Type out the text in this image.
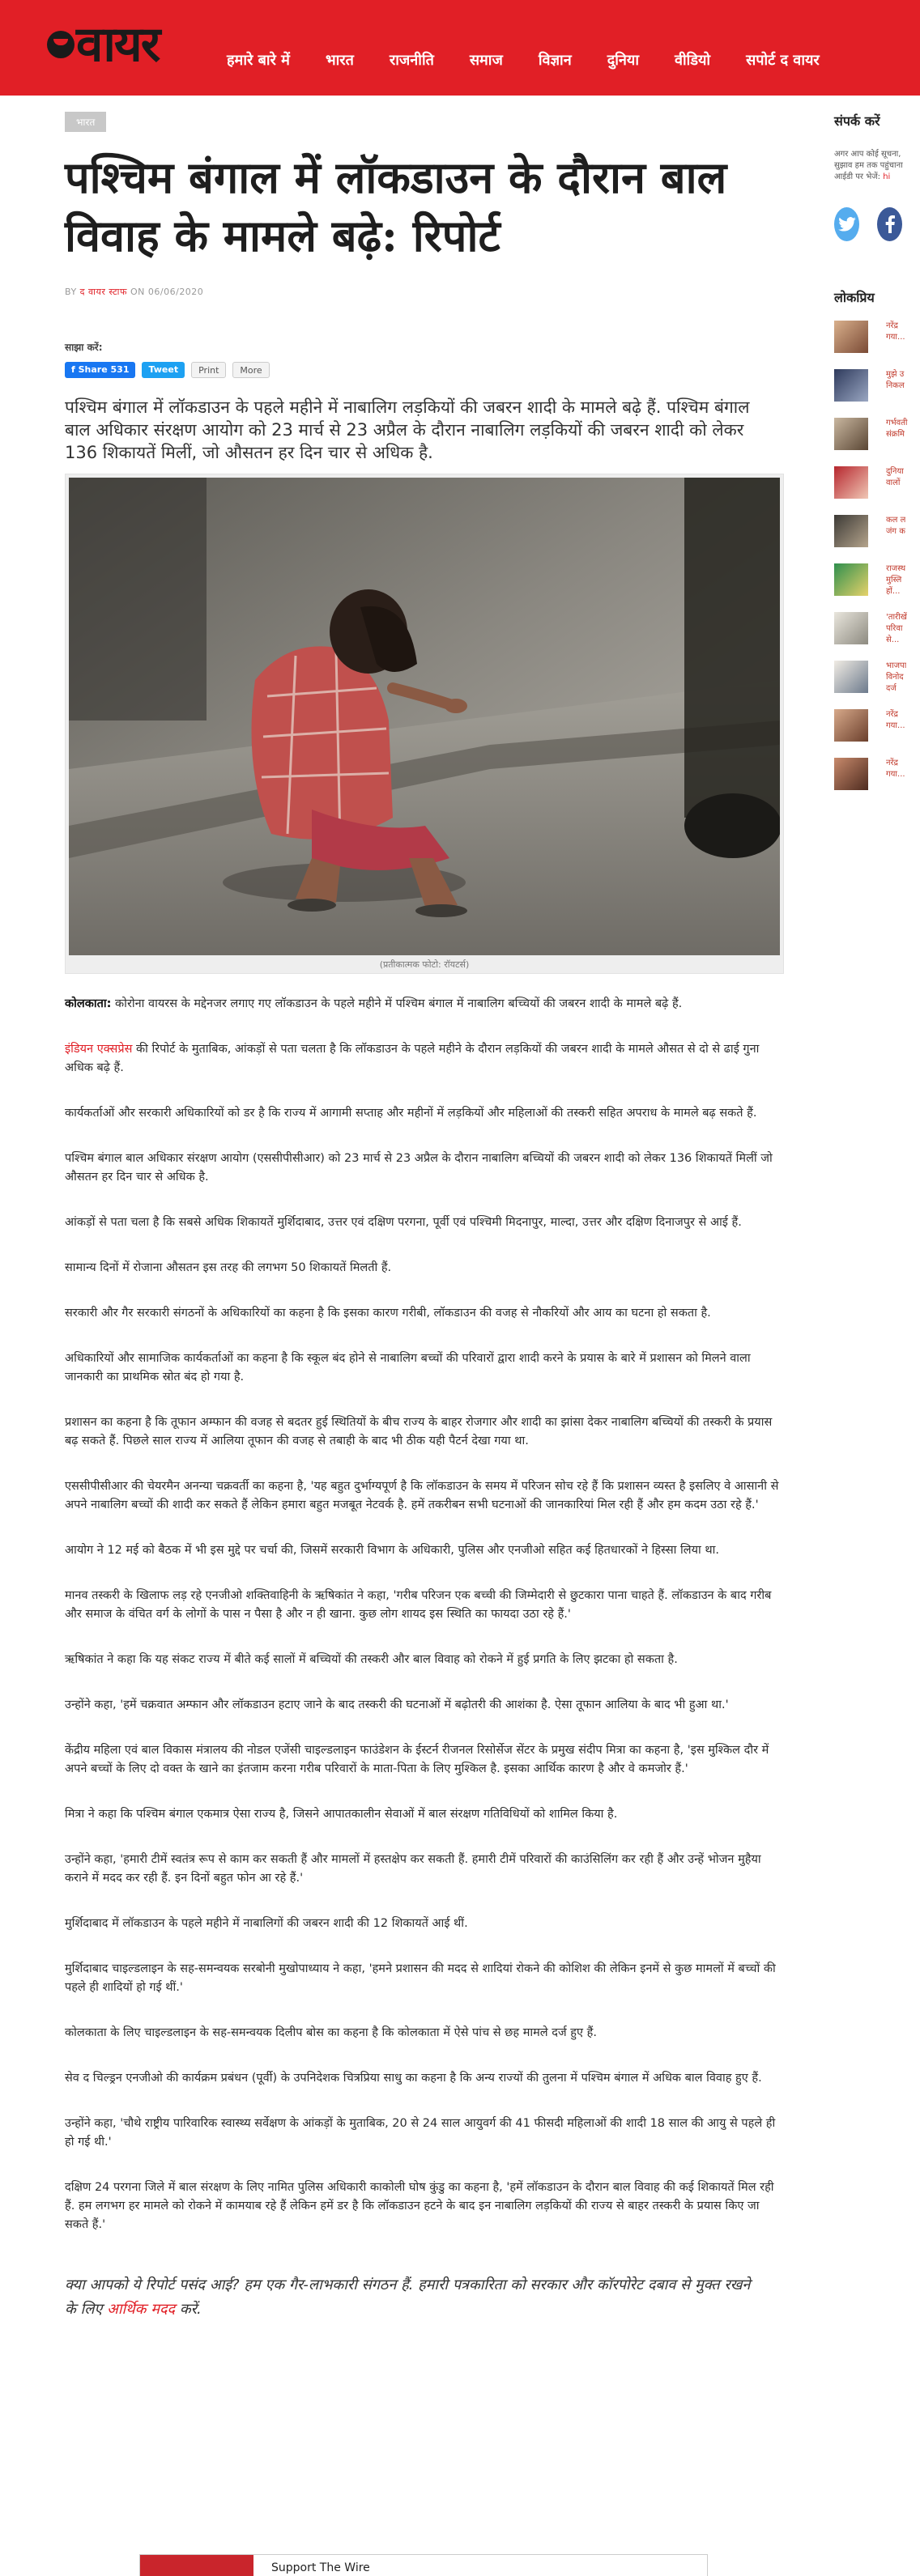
वायर	हमारे बारे में भारत राजनीति समाज विज्ञान दुनिया वीडियो सपोर्ट द वायर
भारत
पश्चिम बंगाल में लॉकडाउन के दौरान बाल विवाह के मामले बढ़े: रिपोर्ट
BY द वायर स्टाफ ON 06/06/2020
साझा करें:
f Share 531	Tweet	Print	More

पश्चिम बंगाल में लॉकडाउन के पहले महीने में नाबालिग लड़कियों की जबरन शादी के मामले बढ़े हैं. पश्चिम बंगाल बाल अधिकार संरक्षण आयोग को 23 मार्च से 23 अप्रैल के दौरान नाबालिग लड़कियों की जबरन शादी को लेकर 136 शिकायतें मिलीं, जो औसतन हर दिन चार से अधिक है.

(प्रतीकात्मक फोटो: रॉयटर्स)

कोलकाता: कोरोना वायरस के मद्देनजर लगाए गए लॉकडाउन के पहले महीने में पश्चिम बंगाल में नाबालिग बच्चियों की जबरन शादी के मामले बढ़े हैं.

इंडियन एक्सप्रेस की रिपोर्ट के मुताबिक, आंकड़ों से पता चलता है कि लॉकडाउन के पहले महीने के दौरान लड़कियों की जबरन शादी के मामले औसत से दो से ढाई गुना अधिक बढ़े हैं.

कार्यकर्ताओं और सरकारी अधिकारियों को डर है कि राज्य में आगामी सप्ताह और महीनों में लड़कियों और महिलाओं की तस्करी सहित अपराध के मामले बढ़ सकते हैं.

पश्चिम बंगाल बाल अधिकार संरक्षण आयोग (एससीपीसीआर) को 23 मार्च से 23 अप्रैल के दौरान नाबालिग बच्चियों की जबरन शादी को लेकर 136 शिकायतें मिलीं जो औसतन हर दिन चार से अधिक है.

आंकड़ों से पता चला है कि सबसे अधिक शिकायतें मुर्शिदाबाद, उत्तर एवं दक्षिण परगना, पूर्वी एवं पश्चिमी मिदनापुर, माल्दा, उत्तर और दक्षिण दिनाजपुर से आई हैं.

सामान्य दिनों में रोजाना औसतन इस तरह की लगभग 50 शिकायतें मिलती हैं.

सरकारी और गैर सरकारी संगठनों के अधिकारियों का कहना है कि इसका कारण गरीबी, लॉकडाउन की वजह से नौकरियों और आय का घटना हो सकता है.

अधिकारियों और सामाजिक कार्यकर्ताओं का कहना है कि स्कूल बंद होने से नाबालिग बच्चों की परिवारों द्वारा शादी करने के प्रयास के बारे में प्रशासन को मिलने वाला जानकारी का प्राथमिक स्रोत बंद हो गया है.

प्रशासन का कहना है कि तूफान अम्फान की वजह से बदतर हुई स्थितियों के बीच राज्य के बाहर रोजगार और शादी का झांसा देकर नाबालिग बच्चियों की तस्करी के प्रयास बढ़ सकते हैं. पिछले साल राज्य में आलिया तूफान की वजह से तबाही के बाद भी ठीक यही पैटर्न देखा गया था.

एससीपीसीआर की चेयरमैन अनन्या चक्रवर्ती का कहना है, 'यह बहुत दुर्भाग्यपूर्ण है कि लॉकडाउन के समय में परिजन सोच रहे हैं कि प्रशासन व्यस्त है इसलिए वे आसानी से अपने नाबालिग बच्चों की शादी कर सकते हैं लेकिन हमारा बहुत मजबूत नेटवर्क है. हमें तकरीबन सभी घटनाओं की जानकारियां मिल रही हैं और हम कदम उठा रहे हैं.'

आयोग ने 12 मई को बैठक में भी इस मुद्दे पर चर्चा की, जिसमें सरकारी विभाग के अधिकारी, पुलिस और एनजीओ सहित कई हितधारकों ने हिस्सा लिया था.

मानव तस्करी के खिलाफ लड़ रहे एनजीओ शक्तिवाहिनी के ऋषिकांत ने कहा, 'गरीब परिजन एक बच्ची की जिम्मेदारी से छुटकारा पाना चाहते हैं. लॉकडाउन के बाद गरीब और समाज के वंचित वर्ग के लोगों के पास न पैसा है और न ही खाना. कुछ लोग शायद इस स्थिति का फायदा उठा रहे हैं.'

ऋषिकांत ने कहा कि यह संकट राज्य में बीते कई सालों में बच्चियों की तस्करी और बाल विवाह को रोकने में हुई प्रगति के लिए झटका हो सकता है.

उन्होंने कहा, 'हमें चक्रवात अम्फान और लॉकडाउन हटाए जाने के बाद तस्करी की घटनाओं में बढ़ोतरी की आशंका है. ऐसा तूफान आलिया के बाद भी हुआ था.'

केंद्रीय महिला एवं बाल विकास मंत्रालय की नोडल एजेंसी चाइल्डलाइन फाउंडेशन के ईस्टर्न रीजनल रिसोर्सेज सेंटर के प्रमुख संदीप मित्रा का कहना है, 'इस मुश्किल दौर में अपने बच्चों के लिए दो वक्त के खाने का इंतजाम करना गरीब परिवारों के माता-पिता के लिए मुश्किल है. इसका आर्थिक कारण है और वे कमजोर हैं.'

मित्रा ने कहा कि पश्चिम बंगाल एकमात्र ऐसा राज्य है, जिसने आपातकालीन सेवाओं में बाल संरक्षण गतिविधियों को शामिल किया है.

उन्होंने कहा, 'हमारी टीमें स्वतंत्र रूप से काम कर सकती हैं और मामलों में हस्तक्षेप कर सकती हैं. हमारी टीमें परिवारों की काउंसिलिंग कर रही हैं और उन्हें भोजन मुहैया कराने में मदद कर रही हैं. इन दिनों बहुत फोन आ रहे हैं.'

मुर्शिदाबाद में लॉकडाउन के पहले महीने में नाबालिगों की जबरन शादी की 12 शिकायतें आई थीं.

मुर्शिदाबाद चाइल्डलाइन के सह-समन्वयक सरबोनी मुखोपाध्याय ने कहा, 'हमने प्रशासन की मदद से शादियां रोकने की कोशिश की लेकिन इनमें से कुछ मामलों में बच्चों की पहले ही शादियों हो गई थीं.'

कोलकाता के लिए चाइल्डलाइन के सह-समन्वयक दिलीप बोस का कहना है कि कोलकाता में ऐसे पांच से छह मामले दर्ज हुए हैं.

सेव द चिल्ड्रन एनजीओ की कार्यक्रम प्रबंधन (पूर्वी) के उपनिदेशक चित्रप्रिया साधु का कहना है कि अन्य राज्यों की तुलना में पश्चिम बंगाल में अधिक बाल विवाह हुए हैं.

उन्होंने कहा, 'चौथे राष्ट्रीय पारिवारिक स्वास्थ्य सर्वेक्षण के आंकड़ों के मुताबिक, 20 से 24 साल आयुवर्ग की 41 फीसदी महिलाओं की शादी 18 साल की आयु से पहले ही हो गई थी.'

दक्षिण 24 परगना जिले में बाल संरक्षण के लिए नामित पुलिस अधिकारी काकोली घोष कुंडु का कहना है, 'हमें लॉकडाउन के दौरान बाल विवाह की कई शिकायतें मिल रही हैं. हम लगभग हर मामले को रोकने में कामयाब रहे हैं लेकिन हमें डर है कि लॉकडाउन हटने के बाद इन नाबालिग लड़कियों की राज्य से बाहर तस्करी के प्रयास किए जा सकते हैं.'

क्या आपको ये रिपोर्ट पसंद आई? हम एक गैर-लाभकारी संगठन हैं. हमारी पत्रकारिता को सरकार और कॉरपोरेट दबाव से मुक्त रखने के लिए आर्थिक मदद करें.

Support The Wire
संपर्क करें
अगर आप कोई सूचना,
सुझाव हम तक पहुंचाना
आईडी पर भेजें: hi
लोकप्रिय
नरेंद्र
गया...
मुझे उ
निकल
गर्भवती
संक्रमि
दुनिया
वालों
कल ल
जंग क
राजस्थ
मुस्लि
हों...
'तारीखें
परिवा
से...
भाजपा
विनोद
दर्ज
नरेंद्र
गया...
नरेंद्र
गया...
